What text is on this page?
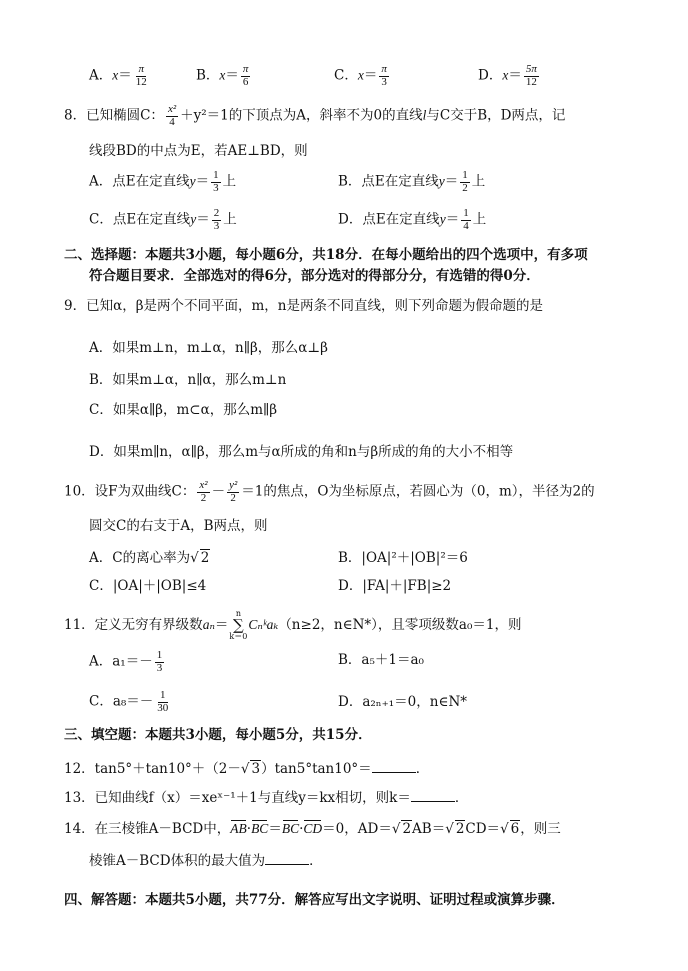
A．$x= \frac{\pi}{12}$	B．$x= \frac{\pi}{6}$	C．$x= \frac{\pi}{3}$	D．$x= \frac{5\pi}{12}$
8．已知椭圆C： $\frac{\text{x²}}{4} +y^2=1$的下顶点为A，斜率不为0的直线l与C交于B，D两点，记
线段BD的中点为E，若AE⊥BD，则
A．点E在定直线$y= \frac{1}{3}$ 上	B．点E在定直线$y= \frac{1}{2}$ 上
C．点E在定直线$y= \frac{2}{3}$ 上	D．点E在定直线$y= \frac{1}{4}$ 上
二、选择题：本题共3小题，每小题6分，共18分．在每小题给出的四个选项中，有多项
符合题目要求．全部选对的得6分，部分选对的得部分分，有选错的得0分．
9．已知α，β是两个不同平面，m，n是两条不同直线，则下列命题为假命题的是
A．如果m⊥n，m⊥α，n∥β，那么α⊥β
B．如果m⊥α，n∥α，那么m⊥n
C．如果α∥β，m⊂α，那么m∥β
D．如果m∥n，α∥β，那么m与α所成的角和n与β所成的角的大小不相等
10．设F为双曲线C： $\frac{\text{x²}}{2} - \frac{\text{y²}}{2} =1$的焦点，O为坐标原点，若圆心为（0，m），半径为2的
圆交C的右支于A，B两点，则
A．C的离心率为√ 2	B．|OA|²＋|OB|²＝6
C．|OA|＋|OB|≤4	D．|FA|＋|FB|≥2
11．定义无穷有界级数aₙ＝
n
∑
k＝0
Cₙᵏaₖ（n≥2，n∈N*），且零项级数a₀＝1，则
A．$a_1=- \frac{1}{3}$	B．a₅＋1＝a₀
C．$a_8=- \frac{1}{30}$	D．a₂ₙ₊₁＝0，n∈N*
三、填空题：本题共3小题，每小题5分，共15分．
12．tan5°＋tan10°＋（2－√ 3）tan5°tan10°＝	．
13．已知曲线f（x）＝xeˣ⁻¹＋1与直线y＝kx相切，则k＝	．
14．在三棱锥A－BCD中，AB·BC＝BC·CD＝0，AD＝√ 2AB＝√ 2CD＝√ 6，则三
棱锥A－BCD体积的最大值为	．
四、解答题：本题共5小题，共77分．解答应写出文字说明、证明过程或演算步骤．
